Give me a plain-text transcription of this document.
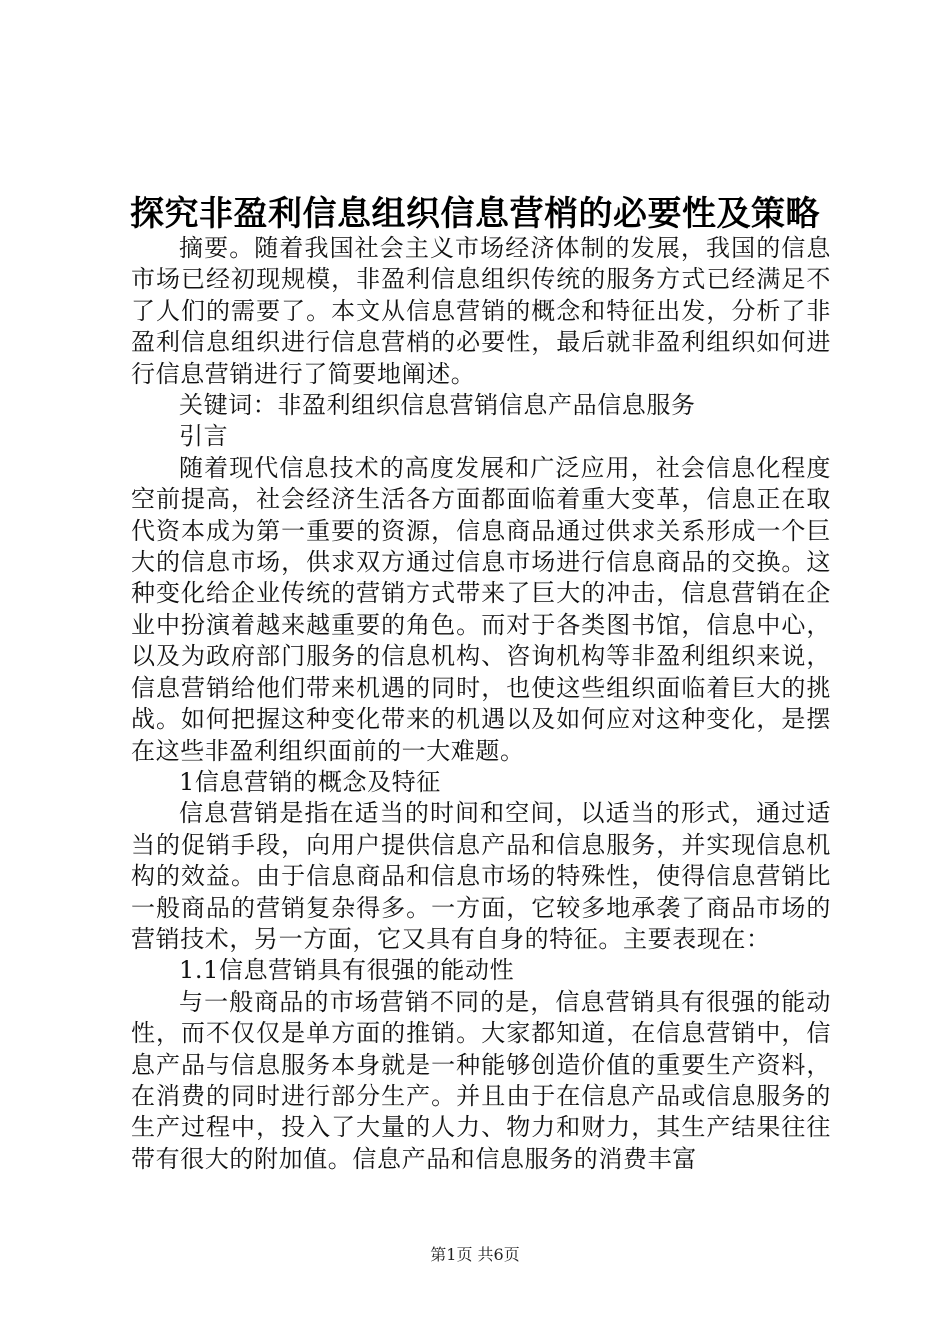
探究非盈利信息组织信息营梢的必要性及策略

摘要。随着我国社会主义市场经济体制的发展，我国的信息市场已经初现规模，非盈利信息组织传统的服务方式已经满足不了人们的需要了。本文从信息营销的概念和特征出发，分析了非盈利信息组织进行信息营梢的必要性，最后就非盈利组织如何进行信息营销进行了简要地阐述。

关键词：非盈利组织信息营销信息产品信息服务

引言

随着现代信息技术的高度发展和广泛应用，社会信息化程度空前提高，社会经济生活各方面都面临着重大变革，信息正在取代资本成为第一重要的资源，信息商品通过供求关系形成一个巨大的信息市场，供求双方通过信息市场进行信息商品的交换。这种变化给企业传统的营销方式带来了巨大的冲击，信息营销在企业中扮演着越来越重要的角色。而对于各类图书馆，信息中心，以及为政府部门服务的信息机构、咨询机构等非盈利组织来说，信息营销给他们带来机遇的同时，也使这些组织面临着巨大的挑战。如何把握这种变化带来的机遇以及如何应对这种变化，是摆在这些非盈利组织面前的一大难题。

1信息营销的概念及特征

信息营销是指在适当的时间和空间，以适当的形式，通过适当的促销手段，向用户提供信息产品和信息服务，并实现信息机构的效益。由于信息商品和信息市场的特殊性，使得信息营销比一般商品的营销复杂得多。一方面，它较多地承袭了商品市场的营销技术，另一方面，它又具有自身的特征。主要表现在：

1.1信息营销具有很强的能动性

与一般商品的市场营销不同的是，信息营销具有很强的能动性，而不仅仅是单方面的推销。大家都知道，在信息营销中，信息产品与信息服务本身就是一种能够创造价值的重要生产资料，在消费的同时进行部分生产。并且由于在信息产品或信息服务的生产过程中，投入了大量的人力、物力和财力，其生产结果往往带有很大的附加值。信息产品和信息服务的消费丰富

第1页 共6页
